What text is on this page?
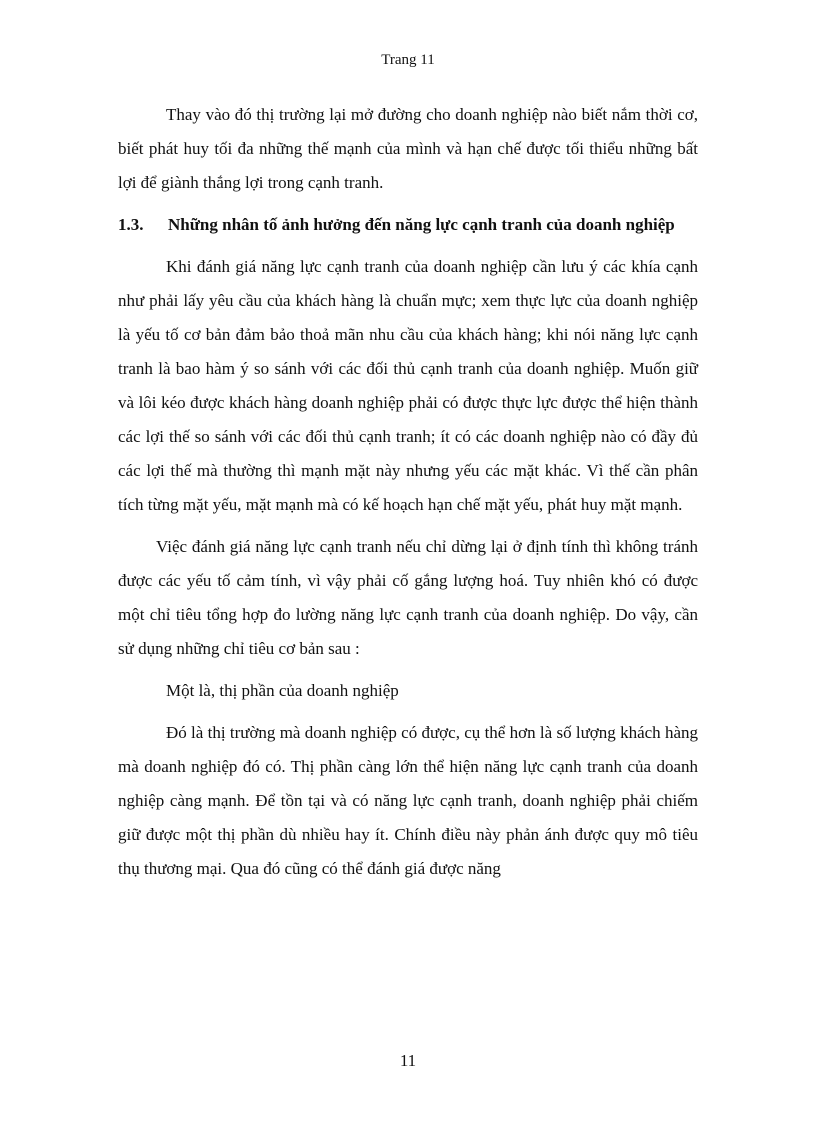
Trang 11

Thay vào đó thị trường lại mở đường cho doanh nghiệp nào biết nắm thời cơ, biết phát huy tối đa những thế mạnh của mình và hạn chế được tối thiểu những bất lợi để giành thắng lợi trong cạnh tranh.

1.3.	Những nhân tố ảnh hưởng đến năng lực cạnh tranh của doanh nghiệp

Khi đánh giá năng lực cạnh tranh của doanh nghiệp cần lưu ý các khía cạnh như phải lấy yêu cầu của khách hàng là chuẩn mực; xem thực lực của doanh nghiệp là yếu tố cơ bản đảm bảo thoả mãn nhu cầu của khách hàng; khi nói năng lực cạnh tranh là bao hàm ý so sánh với các đối thủ cạnh tranh của doanh nghiệp. Muốn giữ và lôi kéo được khách hàng doanh nghiệp phải có được thực lực được thể hiện thành các lợi thế so sánh với các đối thủ cạnh tranh; ít có các doanh nghiệp nào có đầy đủ các lợi thế mà thường thì mạnh mặt này nhưng yếu các mặt khác. Vì thế cần phân tích từng mặt yếu, mặt mạnh mà có kế hoạch hạn chế mặt yếu, phát huy mặt mạnh.

Việc đánh giá năng lực cạnh tranh nếu chỉ dừng lại ở định tính thì không tránh được các yếu tố cảm tính, vì vậy phải cố gắng lượng hoá. Tuy nhiên khó có được một chỉ tiêu tổng hợp đo lường năng lực cạnh tranh của doanh nghiệp. Do vậy, cần sử dụng những chỉ tiêu cơ bản sau :

Một là, thị phần của doanh nghiệp

Đó là thị trường mà doanh nghiệp có được, cụ thể hơn là số lượng khách hàng mà doanh nghiệp đó có. Thị phần càng lớn thể hiện năng lực cạnh tranh của doanh nghiệp càng mạnh. Để tồn tại và có năng lực cạnh tranh, doanh nghiệp phải chiếm giữ được một thị phần dù nhiều hay ít. Chính điều này phản ánh được quy mô tiêu thụ thương mại. Qua đó cũng có thể đánh giá được năng

11
